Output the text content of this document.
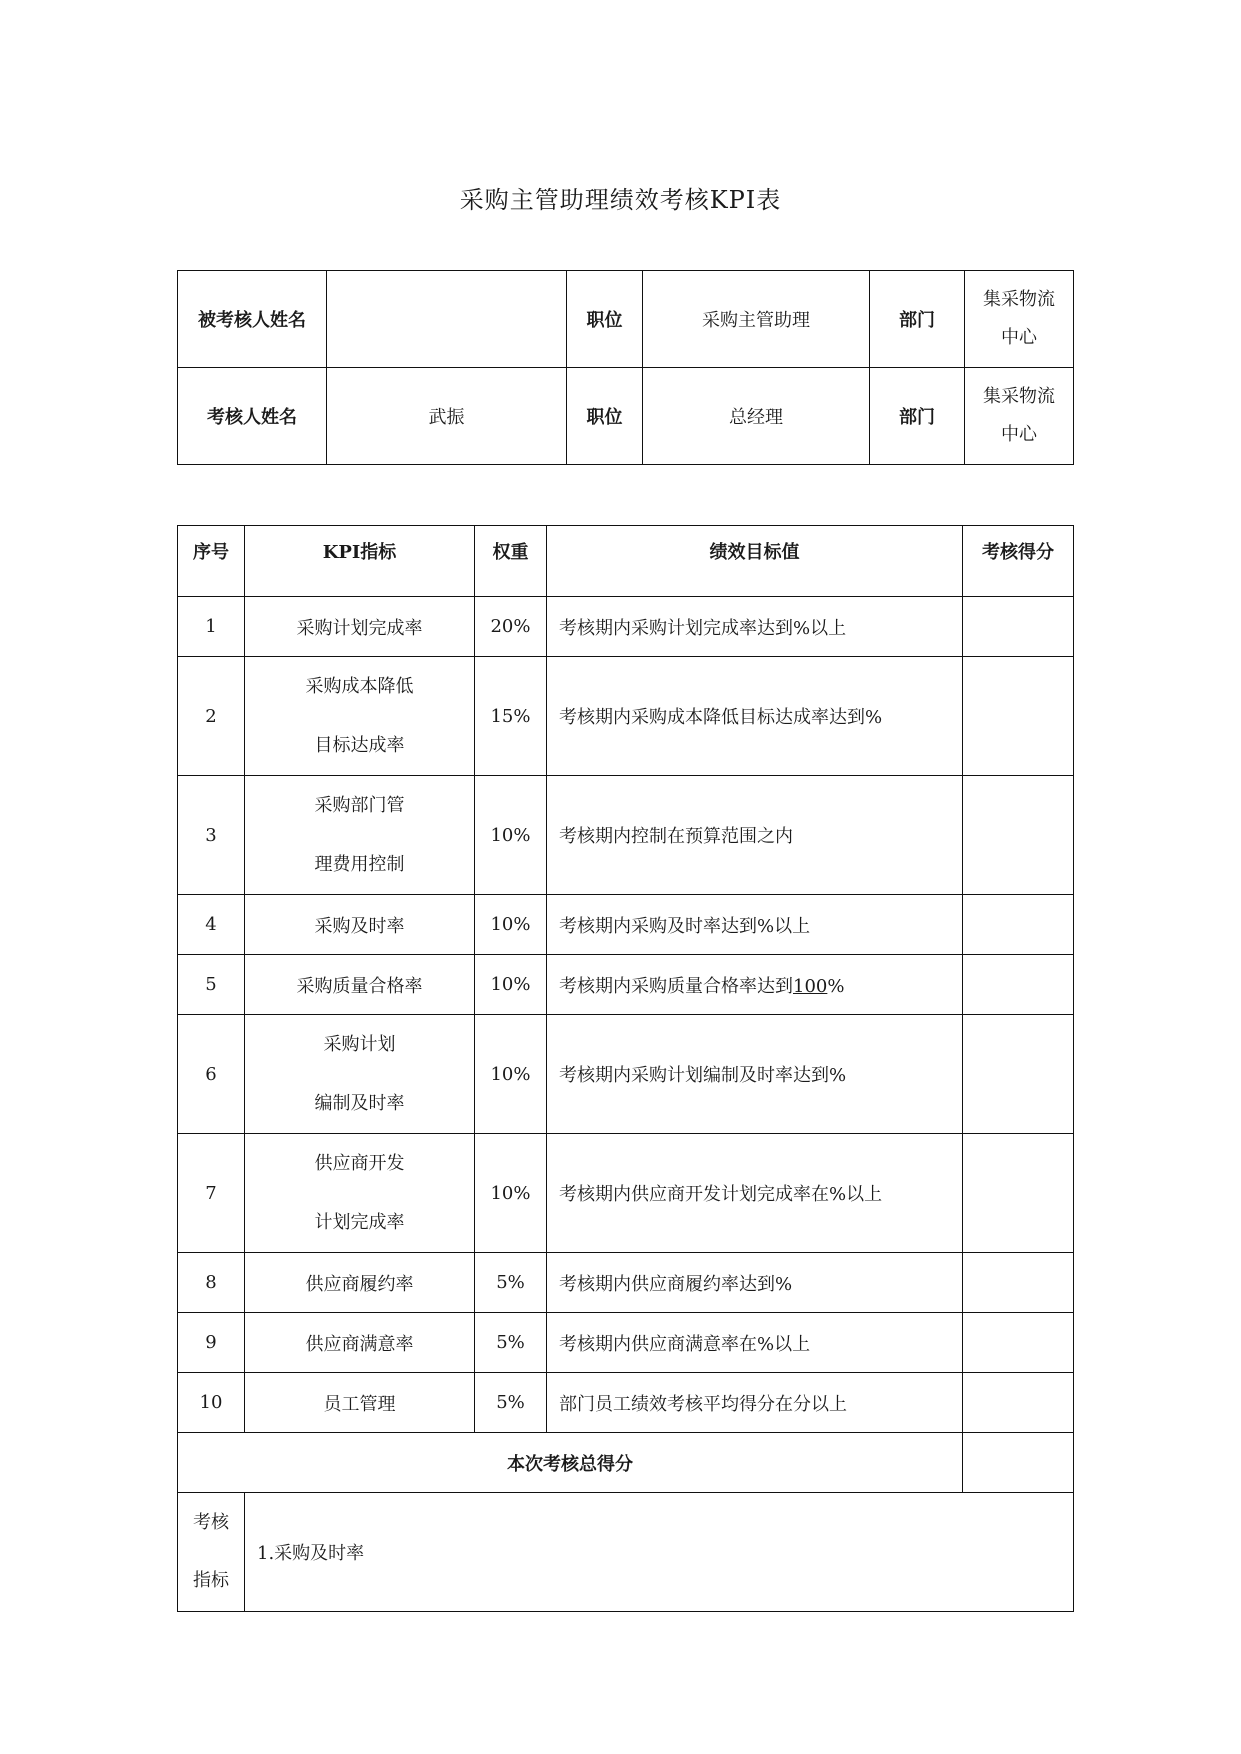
采购主管助理绩效考核KPI表
被考核人姓名		职位	采购主管助理	部门	集采物流
中心

考核人姓名	武振	职位	总经理	部门	集采物流
中心
序号	KPI指标	权重	绩效目标值	考核得分
1	采购计划完成率	20%	考核期内采购计划完成率达到%以上	
2	采购成本降低
目标达成率	15%	考核期内采购成本降低目标达成率达到%	
3	采购部门管
理费用控制	10%	考核期内控制在预算范围之内	
4	采购及时率	10%	考核期内采购及时率达到%以上	
5	采购质量合格率	10%	考核期内采购质量合格率达到100%	
6	采购计划
编制及时率	10%	考核期内采购计划编制及时率达到%	
7	供应商开发
计划完成率	10%	考核期内供应商开发计划完成率在%以上	
8	供应商履约率	5%	考核期内供应商履约率达到%	
9	供应商满意率	5%	考核期内供应商满意率在%以上	
10	员工管理	5%	部门员工绩效考核平均得分在分以上	
本次考核总得分				

考核
指标	1.采购及时率			
